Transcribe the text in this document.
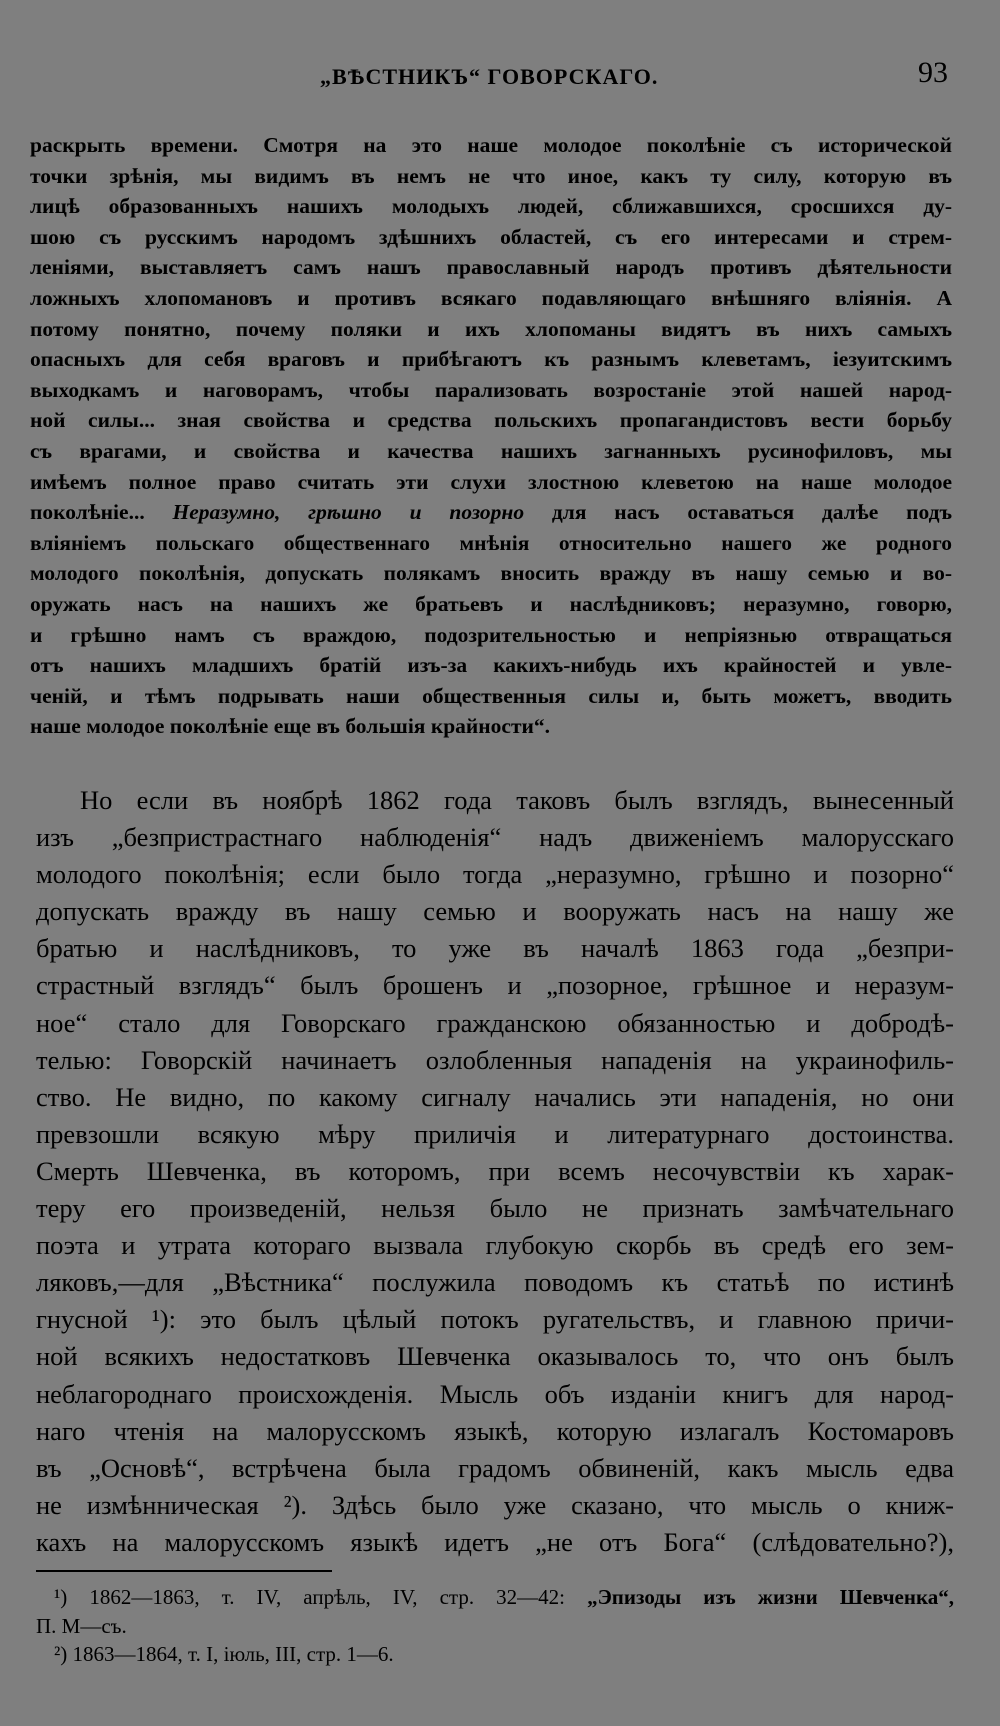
„ВѢСТНИКЪ“ ГОВОРСКАГО.	93
раскрыть времени. Смотря на это наше молодое поколѣніе съ исторической
точки зрѣнія, мы видимъ въ немъ не что иное, какъ ту силу, которую въ
лицѣ образованныхъ нашихъ молодыхъ людей, сближавшихся, сросшихся ду-
шою съ русскимъ народомъ здѣшнихъ областей, съ его интересами и стрем-
леніями, выставляетъ самъ нашъ православный народъ противъ дѣятельности
ложныхъ хлопомановъ и противъ всякаго подавляющаго внѣшняго вліянія. А
потому понятно, почему поляки и ихъ хлопоманы видятъ въ нихъ самыхъ
опасныхъ для себя враговъ и прибѣгаютъ къ разнымъ клеветамъ, іезуитскимъ
выходкамъ и наговорамъ, чтобы парализовать возростаніе этой нашей народ-
ной силы... зная свойства и средства польскихъ пропагандистовъ вести борьбу
съ врагами, и свойства и качества нашихъ загнанныхъ русинофиловъ, мы
имѣемъ полное право считать эти слухи злостною клеветою на наше молодое
поколѣніе... Неразумно, грѣшно и позорно для насъ оставаться далѣе подъ
вліяніемъ польскаго общественнаго мнѣнія относительно нашего же родного
молодого поколѣнія, допускать полякамъ вносить вражду въ нашу семью и во-
оружать насъ на нашихъ же братьевъ и наслѣдниковъ; неразумно, говорю,
и грѣшно намъ съ враждою, подозрительностью и непріязнью отвращаться
отъ нашихъ младшихъ братій изъ-за какихъ-нибудь ихъ крайностей и увле-
ченій, и тѣмъ подрывать наши общественныя силы и, быть можетъ, вводить
наше молодое поколѣніе еще въ большія крайности“.
Но если въ ноябрѣ 1862 года таковъ былъ взглядъ, вынесенный
изъ „безпристрастнаго наблюденія“ надъ движеніемъ малорусскаго
молодого поколѣнія; если было тогда „неразумно, грѣшно и позорно“
допускать вражду въ нашу семью и вооружать насъ на нашу же
братью и наслѣдниковъ, то уже въ началѣ 1863 года „безпри-
страстный взглядъ“ былъ брошенъ и „позорное, грѣшное и неразум-
ное“ стало для Говорскаго гражданскою обязанностью и добродѣ-
телью: Говорскій начинаетъ озлобленныя нападенія на украинофиль-
ство. Не видно, по какому сигналу начались эти нападенія, но они
превзошли всякую мѣру приличія и литературнаго достоинства.
Смерть Шевченка, въ которомъ, при всемъ несочувствіи къ харак-
теру его произведеній, нельзя было не признать замѣчательнаго
поэта и утрата котораго вызвала глубокую скорбь въ средѣ его зем-
ляковъ,—для „Вѣстника“ послужила поводомъ къ статьѣ по истинѣ
гнусной ¹): это былъ цѣлый потокъ ругательствъ, и главною причи-
ной всякихъ недостатковъ Шевченка оказывалось то, что онъ былъ
неблагороднаго происхожденія. Мысль объ изданіи книгъ для народ-
наго чтенія на малорусскомъ языкѣ, которую излагалъ Костомаровъ
въ „Основѣ“, встрѣчена была градомъ обвиненій, какъ мысль едва
не измѣнническая ²). Здѣсь было уже сказано, что мысль о книж-
кахъ на малорусскомъ языкѣ идетъ „не отъ Бога“ (слѣдовательно?),
¹) 1862—1863, т. IV, апрѣль, IV, стр. 32—42: „Эпизоды изъ жизни Шевченка“,
П. М—съ.
²) 1863—1864, т. I, іюль, III, стр. 1—6.
